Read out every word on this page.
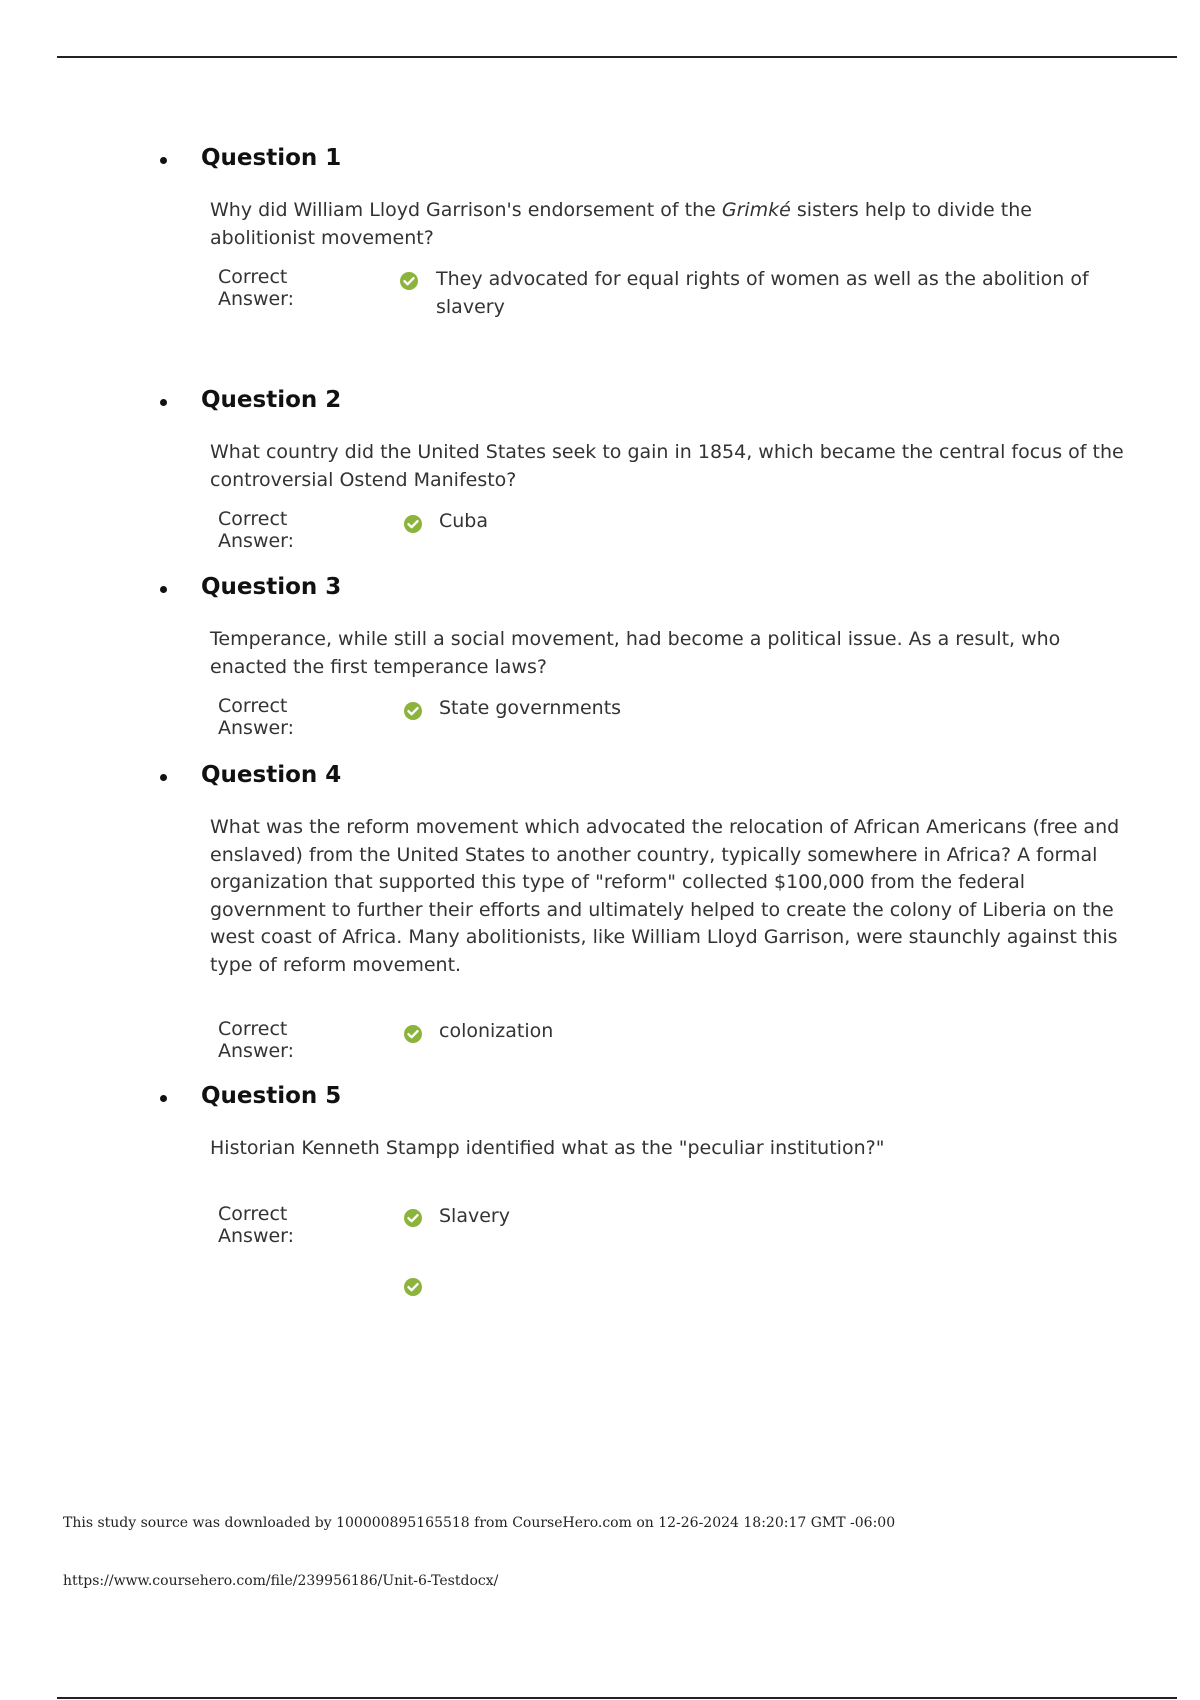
Question 1
Why did William Lloyd Garrison's endorsement of the Grimké sisters help to divide the abolitionist movement?
Correct Answer:
They advocated for equal rights of women as well as the abolition of slavery
Question 2
What country did the United States seek to gain in 1854, which became the central focus of the controversial Ostend Manifesto?
Correct Answer:
Cuba
Question 3
Temperance, while still a social movement, had become a political issue. As a result, who enacted the first temperance laws?
Correct Answer:
State governments
Question 4
What was the reform movement which advocated the relocation of African Americans (free and enslaved) from the United States to another country, typically somewhere in Africa? A formal organization that supported this type of "reform" collected $100,000 from the federal government to further their efforts and ultimately helped to create the colony of Liberia on the west coast of Africa. Many abolitionists, like William Lloyd Garrison, were staunchly against this type of reform movement.
Correct Answer:
colonization
Question 5
Historian Kenneth Stampp identified what as the "peculiar institution?"
Correct Answer:
Slavery
This study source was downloaded by 100000895165518 from CourseHero.com on 12-26-2024 18:20:17 GMT -06:00
https://www.coursehero.com/file/239956186/Unit-6-Testdocx/
